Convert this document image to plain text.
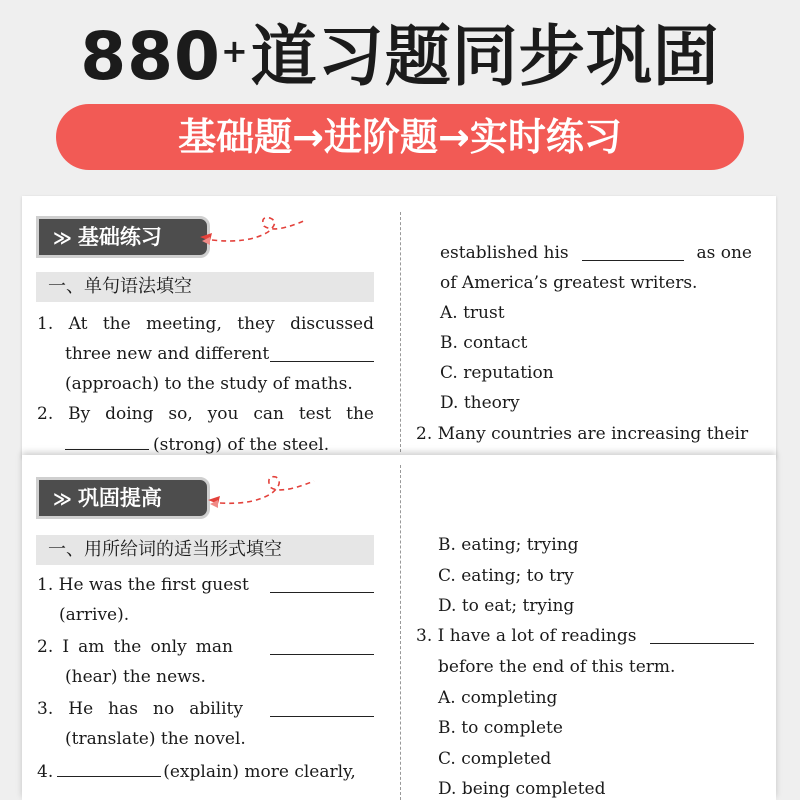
880+道习题同步巩固
基础题→进阶题→实时练习
≫ 基础练习
一、单句语法填空
1. At the meeting, they discussed
three new and different
(approach) to the study of maths.
2. By doing so, you can test the
(strong) of the steel.
established his	as one
of America’s greatest writers.
A. trust
B. contact
C. reputation
D. theory
2. Many countries are increasing their
≫ 巩固提高
一、用所给词的适当形式填空
1. He was the first guest
(arrive).
2. I am the only man
(hear) the news.
3. He has no ability
(translate) the novel.
4.	(explain) more clearly,
B. eating; trying
C. eating; to try
D. to eat; trying
3. I have a lot of readings
before the end of this term.
A. completing
B. to complete
C. completed
D. being completed
